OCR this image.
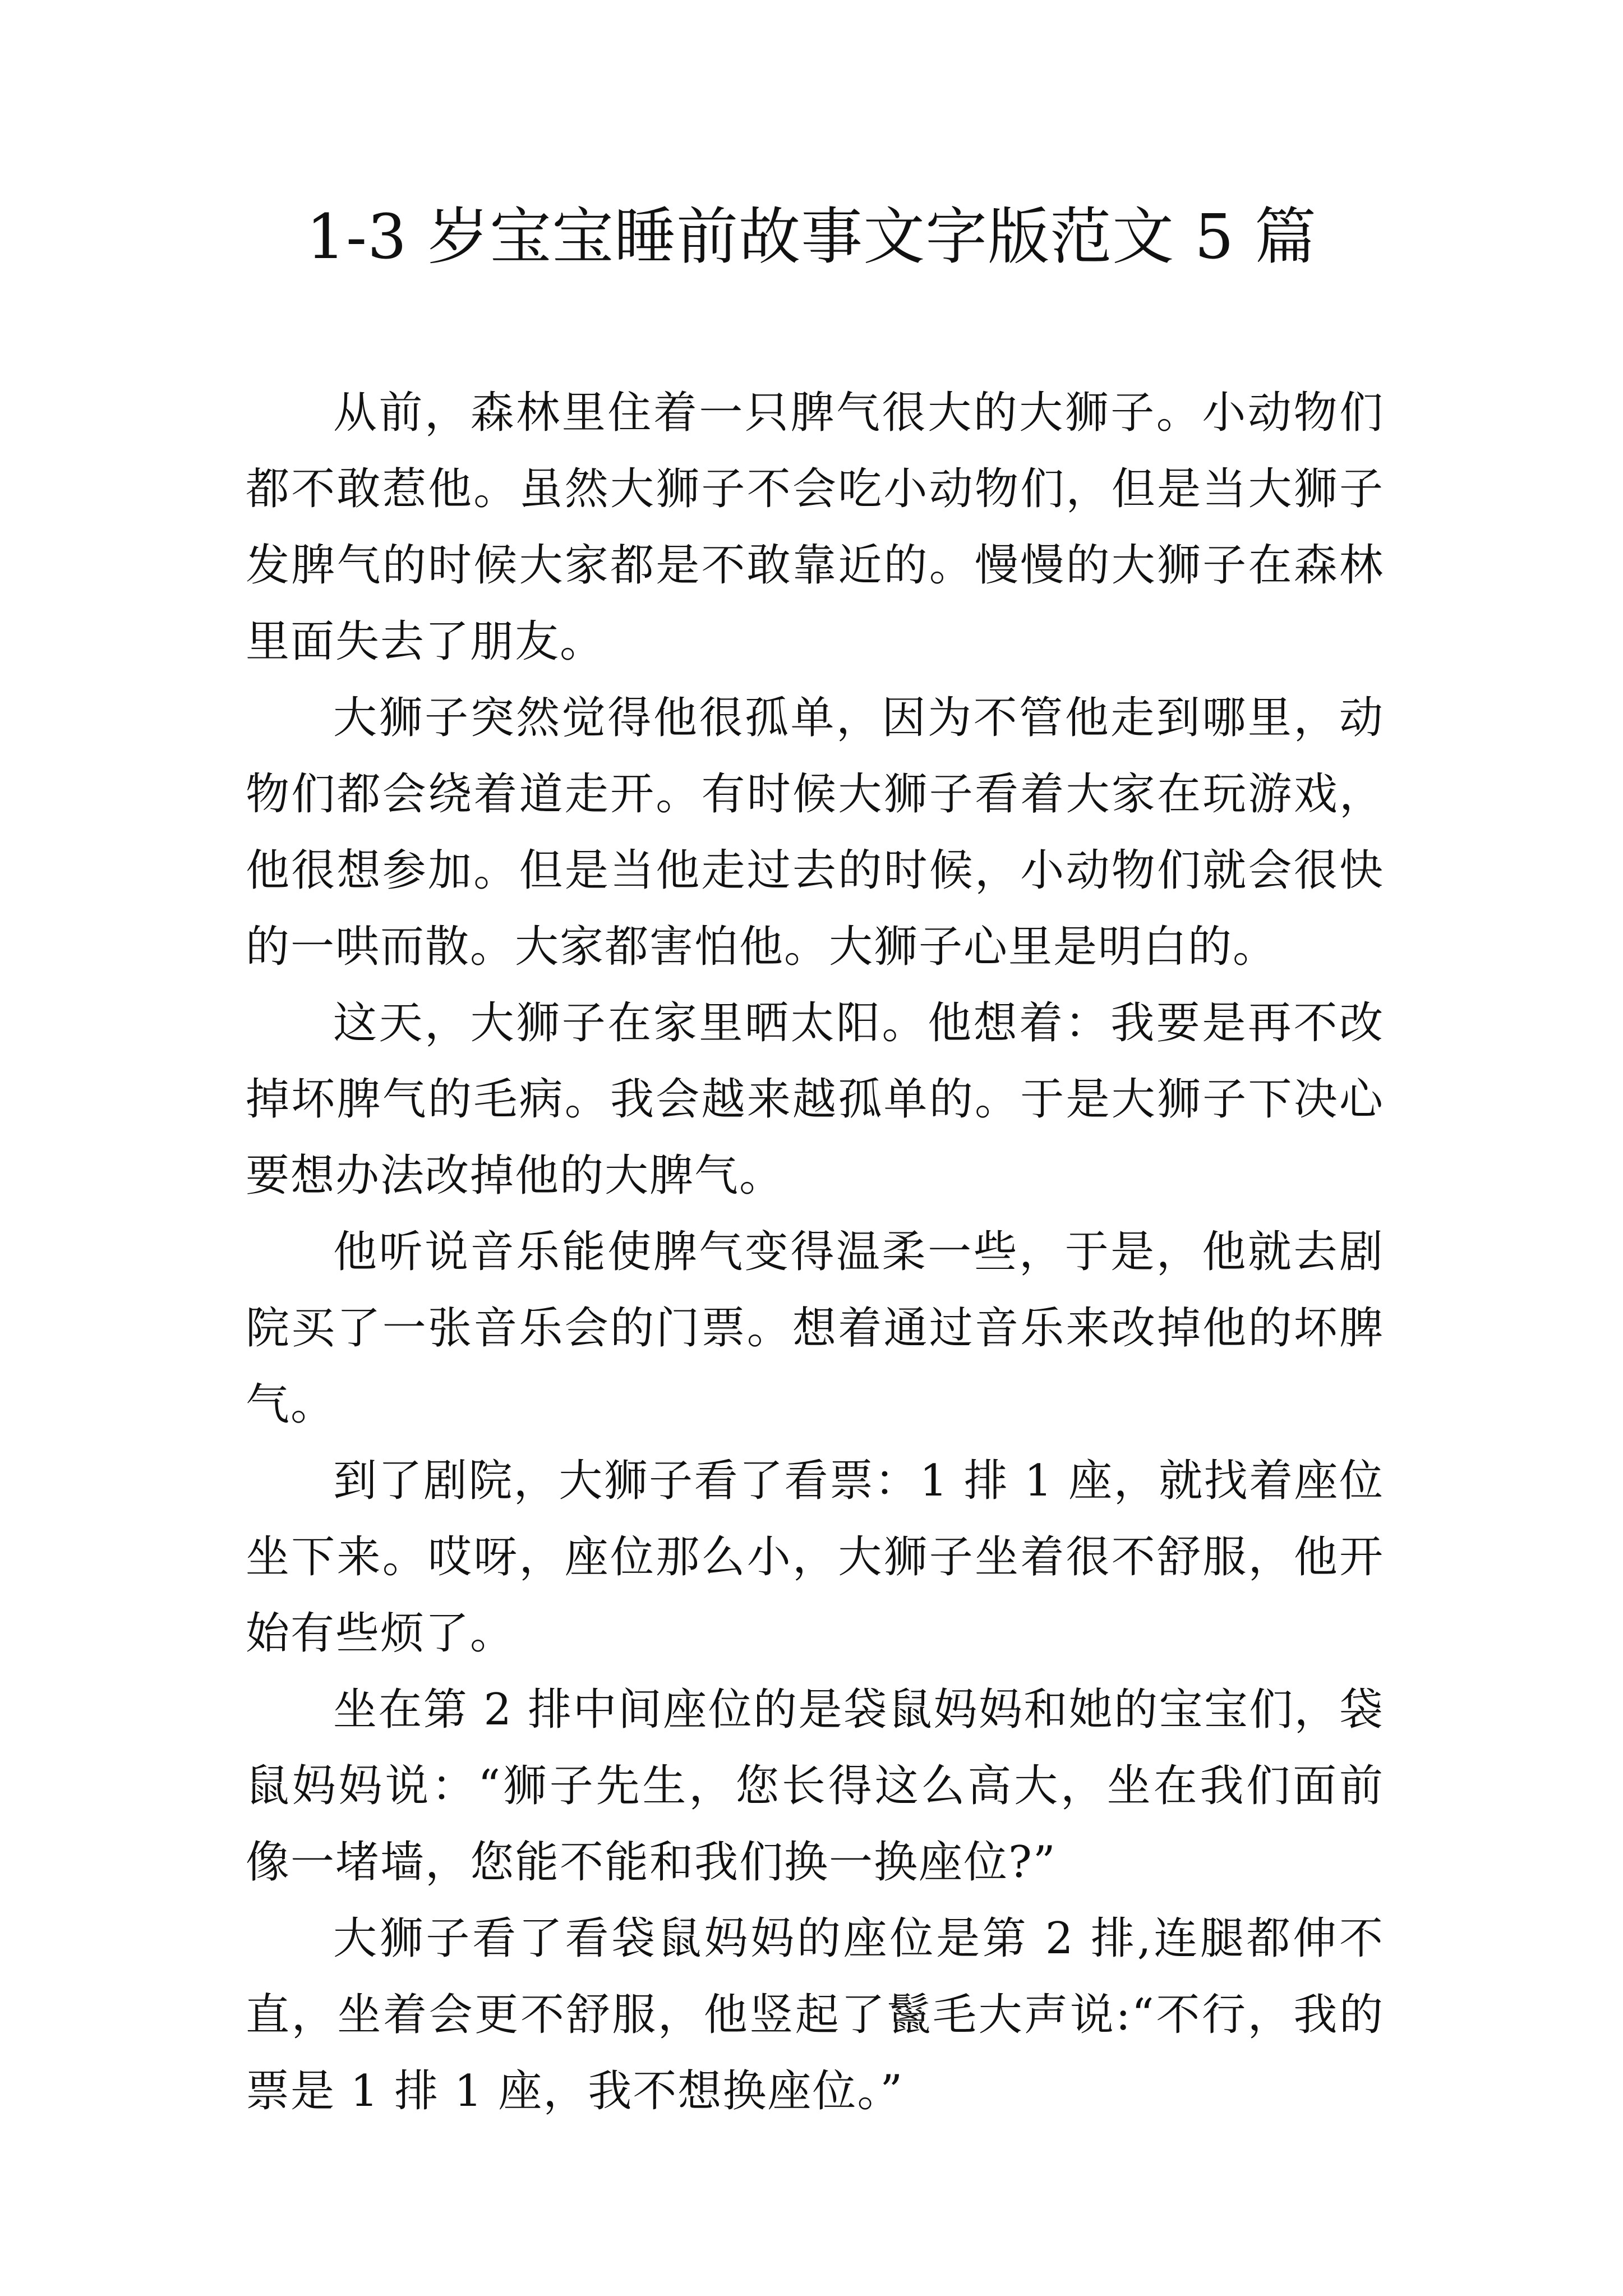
1-3 岁宝宝睡前故事文字版范文 5 篇

从前，森林里住着一只脾气很大的大狮子。小动物们都不敢惹他。虽然大狮子不会吃小动物们，但是当大狮子发脾气的时候大家都是不敢靠近的。慢慢的大狮子在森林里面失去了朋友。

大狮子突然觉得他很孤单，因为不管他走到哪里，动物们都会绕着道走开。有时候大狮子看着大家在玩游戏，他很想参加。但是当他走过去的时候，小动物们就会很快的一哄而散。大家都害怕他。大狮子心里是明白的。

这天，大狮子在家里晒太阳。他想着：我要是再不改掉坏脾气的毛病。我会越来越孤单的。于是大狮子下决心要想办法改掉他的大脾气。

他听说音乐能使脾气变得温柔一些，于是，他就去剧院买了一张音乐会的门票。想着通过音乐来改掉他的坏脾气。

到了剧院，大狮子看了看票：1 排 1 座，就找着座位坐下来。哎呀，座位那么小，大狮子坐着很不舒服，他开始有些烦了。

坐在第 2 排中间座位的是袋鼠妈妈和她的宝宝们，袋鼠妈妈说：“狮子先生，您长得这么高大，坐在我们面前像一堵墙，您能不能和我们换一换座位?”

大狮子看了看袋鼠妈妈的座位是第 2 排,连腿都伸不直，坐着会更不舒服，他竖起了鬣毛大声说:“不行，我的票是 1 排 1 座，我不想换座位。”
